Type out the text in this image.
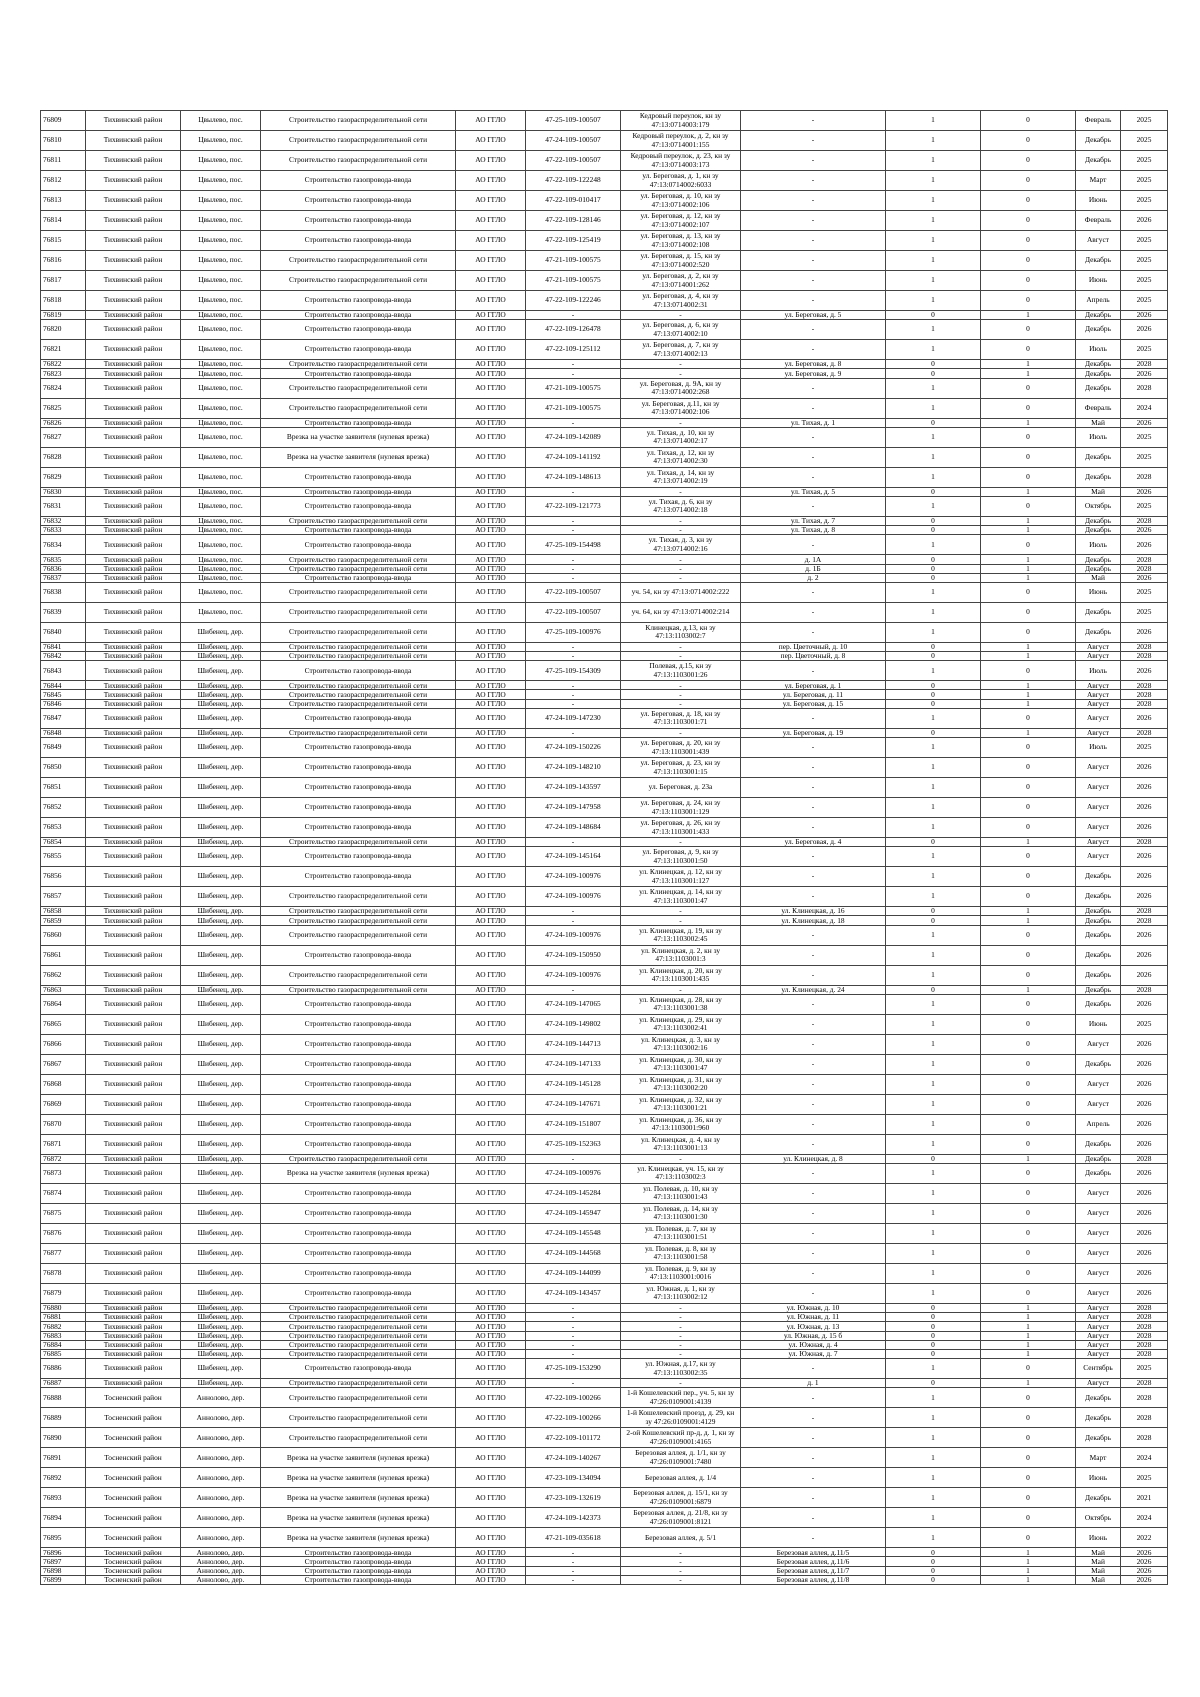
76809	Тихвинский район	Цвылево, пос.	Строительство газораспределительной сети	АО ГГЛО	47-25-109-100507	Кедровый переулок, кн зу 47:13:0714003:179	-	1	0	Февраль	2025
76810	Тихвинский район	Цвылево, пос.	Строительство газораспределительной сети	АО ГГЛО	47-24-109-100507	Кедровый переулок, д. 2, кн зу 47:13:0714001:155	-	1	0	Декабрь	2025
76811	Тихвинский район	Цвылево, пос.	Строительство газораспределительной сети	АО ГГЛО	47-22-109-100507	Кедровый переулок, д. 23, кн зу 47:13:0714003:173	-	1	0	Декабрь	2025
76812	Тихвинский район	Цвылево, пос.	Строительство газопровода-ввода	АО ГГЛО	47-22-109-122248	ул. Береговая, д. 1, кн зу 47:13:0714002:6033	-	1	0	Март	2025
76813	Тихвинский район	Цвылево, пос.	Строительство газопровода-ввода	АО ГГЛО	47-22-109-010417	ул. Береговая, д. 10, кн зу 47:13:0714002:106	-	1	0	Июнь	2025
76814	Тихвинский район	Цвылево, пос.	Строительство газопровода-ввода	АО ГГЛО	47-22-109-128146	ул. Береговая, д. 12, кн зу 47:13:0714002:107	-	1	0	Февраль	2026
76815	Тихвинский район	Цвылево, пос.	Строительство газопровода-ввода	АО ГГЛО	47-22-109-125419	ул. Береговая, д. 13, кн зу 47:13:0714002:108	-	1	0	Август	2025
76816	Тихвинский район	Цвылево, пос.	Строительство газораспределительной сети	АО ГГЛО	47-21-109-100575	ул. Береговая, д. 15, кн зу 47:13:0714002:520	-	1	0	Декабрь	2025
76817	Тихвинский район	Цвылево, пос.	Строительство газораспределительной сети	АО ГГЛО	47-21-109-100575	ул. Береговая, д. 2, кн зу 47:13:0714001:262	-	1	0	Июнь	2025
76818	Тихвинский район	Цвылево, пос.	Строительство газопровода-ввода	АО ГГЛО	47-22-109-122246	ул. Береговая, д. 4, кн зу 47:13:0714002:31	-	1	0	Апрель	2025
76819	Тихвинский район	Цвылево, пос.	Строительство газопровода-ввода	АО ГГЛО	-	-	ул. Береговая, д. 5	0	1	Декабрь	2026
76820	Тихвинский район	Цвылево, пос.	Строительство газопровода-ввода	АО ГГЛО	47-22-109-126478	ул. Береговая, д. 6, кн зу 47:13:0714002:10	-	1	0	Декабрь	2026
76821	Тихвинский район	Цвылево, пос.	Строительство газопровода-ввода	АО ГГЛО	47-22-109-125112	ул. Береговая, д. 7, кн зу 47:13:0714002:13	-	1	0	Июль	2025
76822	Тихвинский район	Цвылево, пос.	Строительство газораспределительной сети	АО ГГЛО	-	-	ул. Береговая, д. 8	0	1	Декабрь	2028
76823	Тихвинский район	Цвылево, пос.	Строительство газопровода-ввода	АО ГГЛО	-	-	ул. Береговая, д. 9	0	1	Декабрь	2026
76824	Тихвинский район	Цвылево, пос.	Строительство газораспределительной сети	АО ГГЛО	47-21-109-100575	ул. Береговая, д. 9А, кн зу 47:13:0714002:268	-	1	0	Декабрь	2028
76825	Тихвинский район	Цвылево, пос.	Строительство газораспределительной сети	АО ГГЛО	47-21-109-100575	ул. Береговая, д.11, кн зу 47:13:0714002:106	-	1	0	Февраль	2024
76826	Тихвинский район	Цвылево, пос.	Строительство газопровода-ввода	АО ГГЛО	-	-	ул. Тихая, д. 1	0	1	Май	2026
76827	Тихвинский район	Цвылево, пос.	Врезка на участке заявителя (нулевая врезка)	АО ГГЛО	47-24-109-142089	ул. Тихая, д. 10, кн зу 47:13:0714002:17	-	1	0	Июль	2025
76828	Тихвинский район	Цвылево, пос.	Врезка на участке заявителя (нулевая врезка)	АО ГГЛО	47-24-109-141192	ул. Тихая, д. 12, кн зу 47:13:0714002:30	-	1	0	Декабрь	2025
76829	Тихвинский район	Цвылево, пос.	Строительство газопровода-ввода	АО ГГЛО	47-24-109-148613	ул. Тихая, д. 14, кн зу 47:13:0714002:19	-	1	0	Декабрь	2028
76830	Тихвинский район	Цвылево, пос.	Строительство газопровода-ввода	АО ГГЛО	-	-	ул. Тихая, д. 5	0	1	Май	2026
76831	Тихвинский район	Цвылево, пос.	Строительство газопровода-ввода	АО ГГЛО	47-22-109-121773	ул. Тихая, д. 6, кн зу 47:13:0714002:18	-	1	0	Октябрь	2025
76832	Тихвинский район	Цвылево, пос.	Строительство газораспределительной сети	АО ГГЛО	-	-	ул. Тихая, д. 7	0	1	Декабрь	2028
76833	Тихвинский район	Цвылево, пос.	Строительство газопровода-ввода	АО ГГЛО	-	-	ул. Тихая, д. 8	0	1	Декабрь	2026
76834	Тихвинский район	Цвылево, пос.	Строительство газопровода-ввода	АО ГГЛО	47-25-109-154498	ул. Тихая, д. 3, кн зу 47:13:0714002:16	-	1	0	Июль	2026
76835	Тихвинский район	Цвылево, пос.	Строительство газораспределительной сети	АО ГГЛО	-	-	д. 1А	0	1	Декабрь	2028
76836	Тихвинский район	Цвылево, пос.	Строительство газораспределительной сети	АО ГГЛО	-	-	д. 1Б	0	1	Декабрь	2028
76837	Тихвинский район	Цвылево, пос.	Строительство газопровода-ввода	АО ГГЛО	-	-	д. 2	0	1	Май	2026
76838	Тихвинский район	Цвылево, пос.	Строительство газораспределительной сети	АО ГГЛО	47-22-109-100507	уч. 54, кн зу 47:13:0714002:222	-	1	0	Июнь	2025
76839	Тихвинский район	Цвылево, пос.	Строительство газораспределительной сети	АО ГГЛО	47-22-109-100507	уч. 64, кн зу 47:13:0714002:214	-	1	0	Декабрь	2025
76840	Тихвинский район	Шибенец, дер.	Строительство газораспределительной сети	АО ГГЛО	47-25-109-100976	Клинецкая, д.13, кн зу 47:13:1103002:7	-	1	0	Декабрь	2026
76841	Тихвинский район	Шибенец, дер.	Строительство газораспределительной сети	АО ГГЛО	-	-	пер. Цветочный, д. 10	0	1	Август	2028
76842	Тихвинский район	Шибенец, дер.	Строительство газораспределительной сети	АО ГГЛО	-	-	пер. Цветочный, д. 8	0	1	Август	2028
76843	Тихвинский район	Шибенец, дер.	Строительство газопровода-ввода	АО ГГЛО	47-25-109-154309	Полевая, д.15, кн зу 47:13:1103001:26	-	1	0	Июль	2026
76844	Тихвинский район	Шибенец, дер.	Строительство газораспределительной сети	АО ГГЛО	-	-	ул. Береговая, д. 1	0	1	Август	2028
76845	Тихвинский район	Шибенец, дер.	Строительство газораспределительной сети	АО ГГЛО	-	-	ул. Береговая, д. 11	0	1	Август	2028
76846	Тихвинский район	Шибенец, дер.	Строительство газораспределительной сети	АО ГГЛО	-	-	ул. Береговая, д. 15	0	1	Август	2028
76847	Тихвинский район	Шибенец, дер.	Строительство газопровода-ввода	АО ГГЛО	47-24-109-147230	ул. Береговая, д. 18, кн зу 47:13:1103001:71	-	1	0	Август	2026
76848	Тихвинский район	Шибенец, дер.	Строительство газораспределительной сети	АО ГГЛО	-	-	ул. Береговая, д. 19	0	1	Август	2028
76849	Тихвинский район	Шибенец, дер.	Строительство газопровода-ввода	АО ГГЛО	47-24-109-150226	ул. Береговая, д. 20, кн зу 47:13:1103001:439	-	1	0	Июль	2025
76850	Тихвинский район	Шибенец, дер.	Строительство газопровода-ввода	АО ГГЛО	47-24-109-148210	ул. Береговая, д. 23, кн зу 47:13:1103001:15	-	1	0	Август	2026
76851	Тихвинский район	Шибенец, дер.	Строительство газопровода-ввода	АО ГГЛО	47-24-109-143597	ул. Береговая, д. 23а	-	1	0	Август	2026
76852	Тихвинский район	Шибенец, дер.	Строительство газопровода-ввода	АО ГГЛО	47-24-109-147958	ул. Береговая, д. 24, кн зу 47:13:1103001:129	-	1	0	Август	2026
76853	Тихвинский район	Шибенец, дер.	Строительство газопровода-ввода	АО ГГЛО	47-24-109-148684	ул. Береговая, д. 26, кн зу 47:13:1103001:433	-	1	0	Август	2026
76854	Тихвинский район	Шибенец, дер.	Строительство газораспределительной сети	АО ГГЛО	-	-	ул. Береговая, д. 4	0	1	Август	2028
76855	Тихвинский район	Шибенец, дер.	Строительство газопровода-ввода	АО ГГЛО	47-24-109-145164	ул. Береговая, д. 9, кн зу 47:13:1103001:50	-	1	0	Август	2026
76856	Тихвинский район	Шибенец, дер.	Строительство газопровода-ввода	АО ГГЛО	47-24-109-100976	ул. Клинецкая, д. 12, кн зу 47:13:1103001:127	-	1	0	Декабрь	2026
76857	Тихвинский район	Шибенец, дер.	Строительство газораспределительной сети	АО ГГЛО	47-24-109-100976	ул. Клинецкая, д. 14, кн зу 47:13:1103001:47	-	1	0	Декабрь	2026
76858	Тихвинский район	Шибенец, дер.	Строительство газораспределительной сети	АО ГГЛО	-	-	ул. Клинецкая, д. 16	0	1	Декабрь	2028
76859	Тихвинский район	Шибенец, дер.	Строительство газораспределительной сети	АО ГГЛО	-	-	ул. Клинецкая, д. 18	0	1	Декабрь	2028
76860	Тихвинский район	Шибенец, дер.	Строительство газораспределительной сети	АО ГГЛО	47-24-109-100976	ул. Клинецкая, д. 19, кн зу 47:13:1103002:45	-	1	0	Декабрь	2026
76861	Тихвинский район	Шибенец, дер.	Строительство газопровода-ввода	АО ГГЛО	47-24-109-150950	ул. Клинецкая, д. 2, кн зу 47:13:1103001:3	-	1	0	Декабрь	2026
76862	Тихвинский район	Шибенец, дер.	Строительство газораспределительной сети	АО ГГЛО	47-24-109-100976	ул. Клинецкая, д. 20, кн зу 47:13:1103001:435	-	1	0	Декабрь	2026
76863	Тихвинский район	Шибенец, дер.	Строительство газораспределительной сети	АО ГГЛО	-	-	ул. Клинецкая, д. 24	0	1	Декабрь	2028
76864	Тихвинский район	Шибенец, дер.	Строительство газопровода-ввода	АО ГГЛО	47-24-109-147065	ул. Клинецкая, д. 28, кн зу 47:13:1103001:38	-	1	0	Декабрь	2026
76865	Тихвинский район	Шибенец, дер.	Строительство газопровода-ввода	АО ГГЛО	47-24-109-149802	ул. Клинецкая, д. 29, кн зу 47:13:1103002:41	-	1	0	Июнь	2025
76866	Тихвинский район	Шибенец, дер.	Строительство газопровода-ввода	АО ГГЛО	47-24-109-144713	ул. Клинецкая, д. 3, кн зу 47:13:1103002:16	-	1	0	Август	2026
76867	Тихвинский район	Шибенец, дер.	Строительство газопровода-ввода	АО ГГЛО	47-24-109-147133	ул. Клинецкая, д. 30, кн зу 47:13:1103001:47	-	1	0	Декабрь	2026
76868	Тихвинский район	Шибенец, дер.	Строительство газопровода-ввода	АО ГГЛО	47-24-109-145128	ул. Клинецкая, д. 31, кн зу 47:13:1103002:20	-	1	0	Август	2026
76869	Тихвинский район	Шибенец, дер.	Строительство газопровода-ввода	АО ГГЛО	47-24-109-147671	ул. Клинецкая, д. 32, кн зу 47:13:1103001:21	-	1	0	Август	2026
76870	Тихвинский район	Шибенец, дер.	Строительство газопровода-ввода	АО ГГЛО	47-24-109-151807	ул. Клинецкая, д. 36, кн зу 47:13:1103001:960	-	1	0	Апрель	2026
76871	Тихвинский район	Шибенец, дер.	Строительство газопровода-ввода	АО ГГЛО	47-25-109-152363	ул. Клинецкая, д. 4, кн зу 47:13:1103001:13	-	1	0	Декабрь	2026
76872	Тихвинский район	Шибенец, дер.	Строительство газораспределительной сети	АО ГГЛО	-	-	ул. Клинецкая, д. 8	0	1	Декабрь	2028
76873	Тихвинский район	Шибенец, дер.	Врезка на участке заявителя (нулевая врезка)	АО ГГЛО	47-24-109-100976	ул. Клинецкая, уч. 15, кн зу 47:13:1103002:3	-	1	0	Декабрь	2026
76874	Тихвинский район	Шибенец, дер.	Строительство газопровода-ввода	АО ГГЛО	47-24-109-145284	ул. Полевая, д. 10, кн зу 47:13:1103001:43	-	1	0	Август	2026
76875	Тихвинский район	Шибенец, дер.	Строительство газопровода-ввода	АО ГГЛО	47-24-109-145947	ул. Полевая, д. 14, кн зу 47:13:1103001:30	-	1	0	Август	2026
76876	Тихвинский район	Шибенец, дер.	Строительство газопровода-ввода	АО ГГЛО	47-24-109-145548	ул. Полевая, д. 7, кн зу 47:13:1103001:51	-	1	0	Август	2026
76877	Тихвинский район	Шибенец, дер.	Строительство газопровода-ввода	АО ГГЛО	47-24-109-144568	ул. Полевая, д. 8, кн зу 47:13:1103001:58	-	1	0	Август	2026
76878	Тихвинский район	Шибенец, дер.	Строительство газопровода-ввода	АО ГГЛО	47-24-109-144099	ул. Полевая, д. 9, кн зу 47:13:1103001:0016	-	1	0	Август	2026
76879	Тихвинский район	Шибенец, дер.	Строительство газопровода-ввода	АО ГГЛО	47-24-109-143457	ул. Южная, д. 1, кн зу 47:13:1103002:12	-	1	0	Август	2026
76880	Тихвинский район	Шибенец, дер.	Строительство газораспределительной сети	АО ГГЛО	-	-	ул. Южная, д. 10	0	1	Август	2028
76881	Тихвинский район	Шибенец, дер.	Строительство газораспределительной сети	АО ГГЛО	-	-	ул. Южная, д. 11	0	1	Август	2028
76882	Тихвинский район	Шибенец, дер.	Строительство газораспределительной сети	АО ГГЛО	-	-	ул. Южная, д. 13	0	1	Август	2028
76883	Тихвинский район	Шибенец, дер.	Строительство газораспределительной сети	АО ГГЛО	-	-	ул. Южная, д. 15 б	0	1	Август	2028
76884	Тихвинский район	Шибенец, дер.	Строительство газораспределительной сети	АО ГГЛО	-	-	ул. Южная, д. 4	0	1	Август	2028
76885	Тихвинский район	Шибенец, дер.	Строительство газораспределительной сети	АО ГГЛО	-	-	ул. Южная, д. 7	0	1	Август	2028
76886	Тихвинский район	Шибенец, дер.	Строительство газопровода-ввода	АО ГГЛО	47-25-109-153290	ул. Южная, д.17, кн зу 47:13:1103002:35	-	1	0	Сентябрь	2025
76887	Тихвинский район	Шибенец, дер.	Строительство газораспределительной сети	АО ГГЛО	-	-	д. 1	0	1	Август	2028
76888	Тосненский район	Аннолово, дер.	Строительство газораспределительной сети	АО ГГЛО	47-22-109-100266	1-й Кошелевский пер., уч. 5, кн зу 47:26:0109001:4139	-	1	0	Декабрь	2028
76889	Тосненский район	Аннолово, дер.	Строительство газораспределительной сети	АО ГГЛО	47-22-109-100266	1-й Кошелевский проезд, д. 29, кн зу 47:26:0109001:4129	-	1	0	Декабрь	2028
76890	Тосненский район	Аннолово, дер.	Строительство газораспределительной сети	АО ГГЛО	47-22-109-101172	2-ой Кошелевский пр-д, д. 1, кн зу 47:26:0109001:4165	-	1	0	Декабрь	2028
76891	Тосненский район	Аннолово, дер.	Врезка на участке заявителя (нулевая врезка)	АО ГГЛО	47-24-109-140267	Березовая аллея, д. 1/1, кн зу 47:26:0109001:7480	-	1	0	Март	2024
76892	Тосненский район	Аннолово, дер.	Врезка на участке заявителя (нулевая врезка)	АО ГГЛО	47-23-109-134094	Березовая аллея, д. 1/4	-	1	0	Июнь	2025
76893	Тосненский район	Аннолово, дер.	Врезка на участке заявителя (нулевая врезка)	АО ГГЛО	47-23-109-132619	Березовая аллея, д. 15/1, кн зу 47:26:0109001:6879	-	1	0	Декабрь	2021
76894	Тосненский район	Аннолово, дер.	Врезка на участке заявителя (нулевая врезка)	АО ГГЛО	47-24-109-142373	Березовая аллея, д. 21/8, кн зу 47:26:0109001:8121	-	1	0	Октябрь	2024
76895	Тосненский район	Аннолово, дер.	Врезка на участке заявителя (нулевая врезка)	АО ГГЛО	47-21-109-035618	Березовая аллея, д. 5/1	-	1	0	Июнь	2022
76896	Тосненский район	Аннолово, дер.	Строительство газопровода-ввода	АО ГГЛО	-	-	Березовая аллея, д.11/5	0	1	Май	2026
76897	Тосненский район	Аннолово, дер.	Строительство газопровода-ввода	АО ГГЛО	-	-	Березовая аллея, д.11/6	0	1	Май	2026
76898	Тосненский район	Аннолово, дер.	Строительство газопровода-ввода	АО ГГЛО	-	-	Березовая аллея, д.11/7	0	1	Май	2026
76899	Тосненский район	Аннолово, дер.	Строительство газопровода-ввода	АО ГГЛО	-	-	Березовая аллея, д.11/8	0	1	Май	2026
